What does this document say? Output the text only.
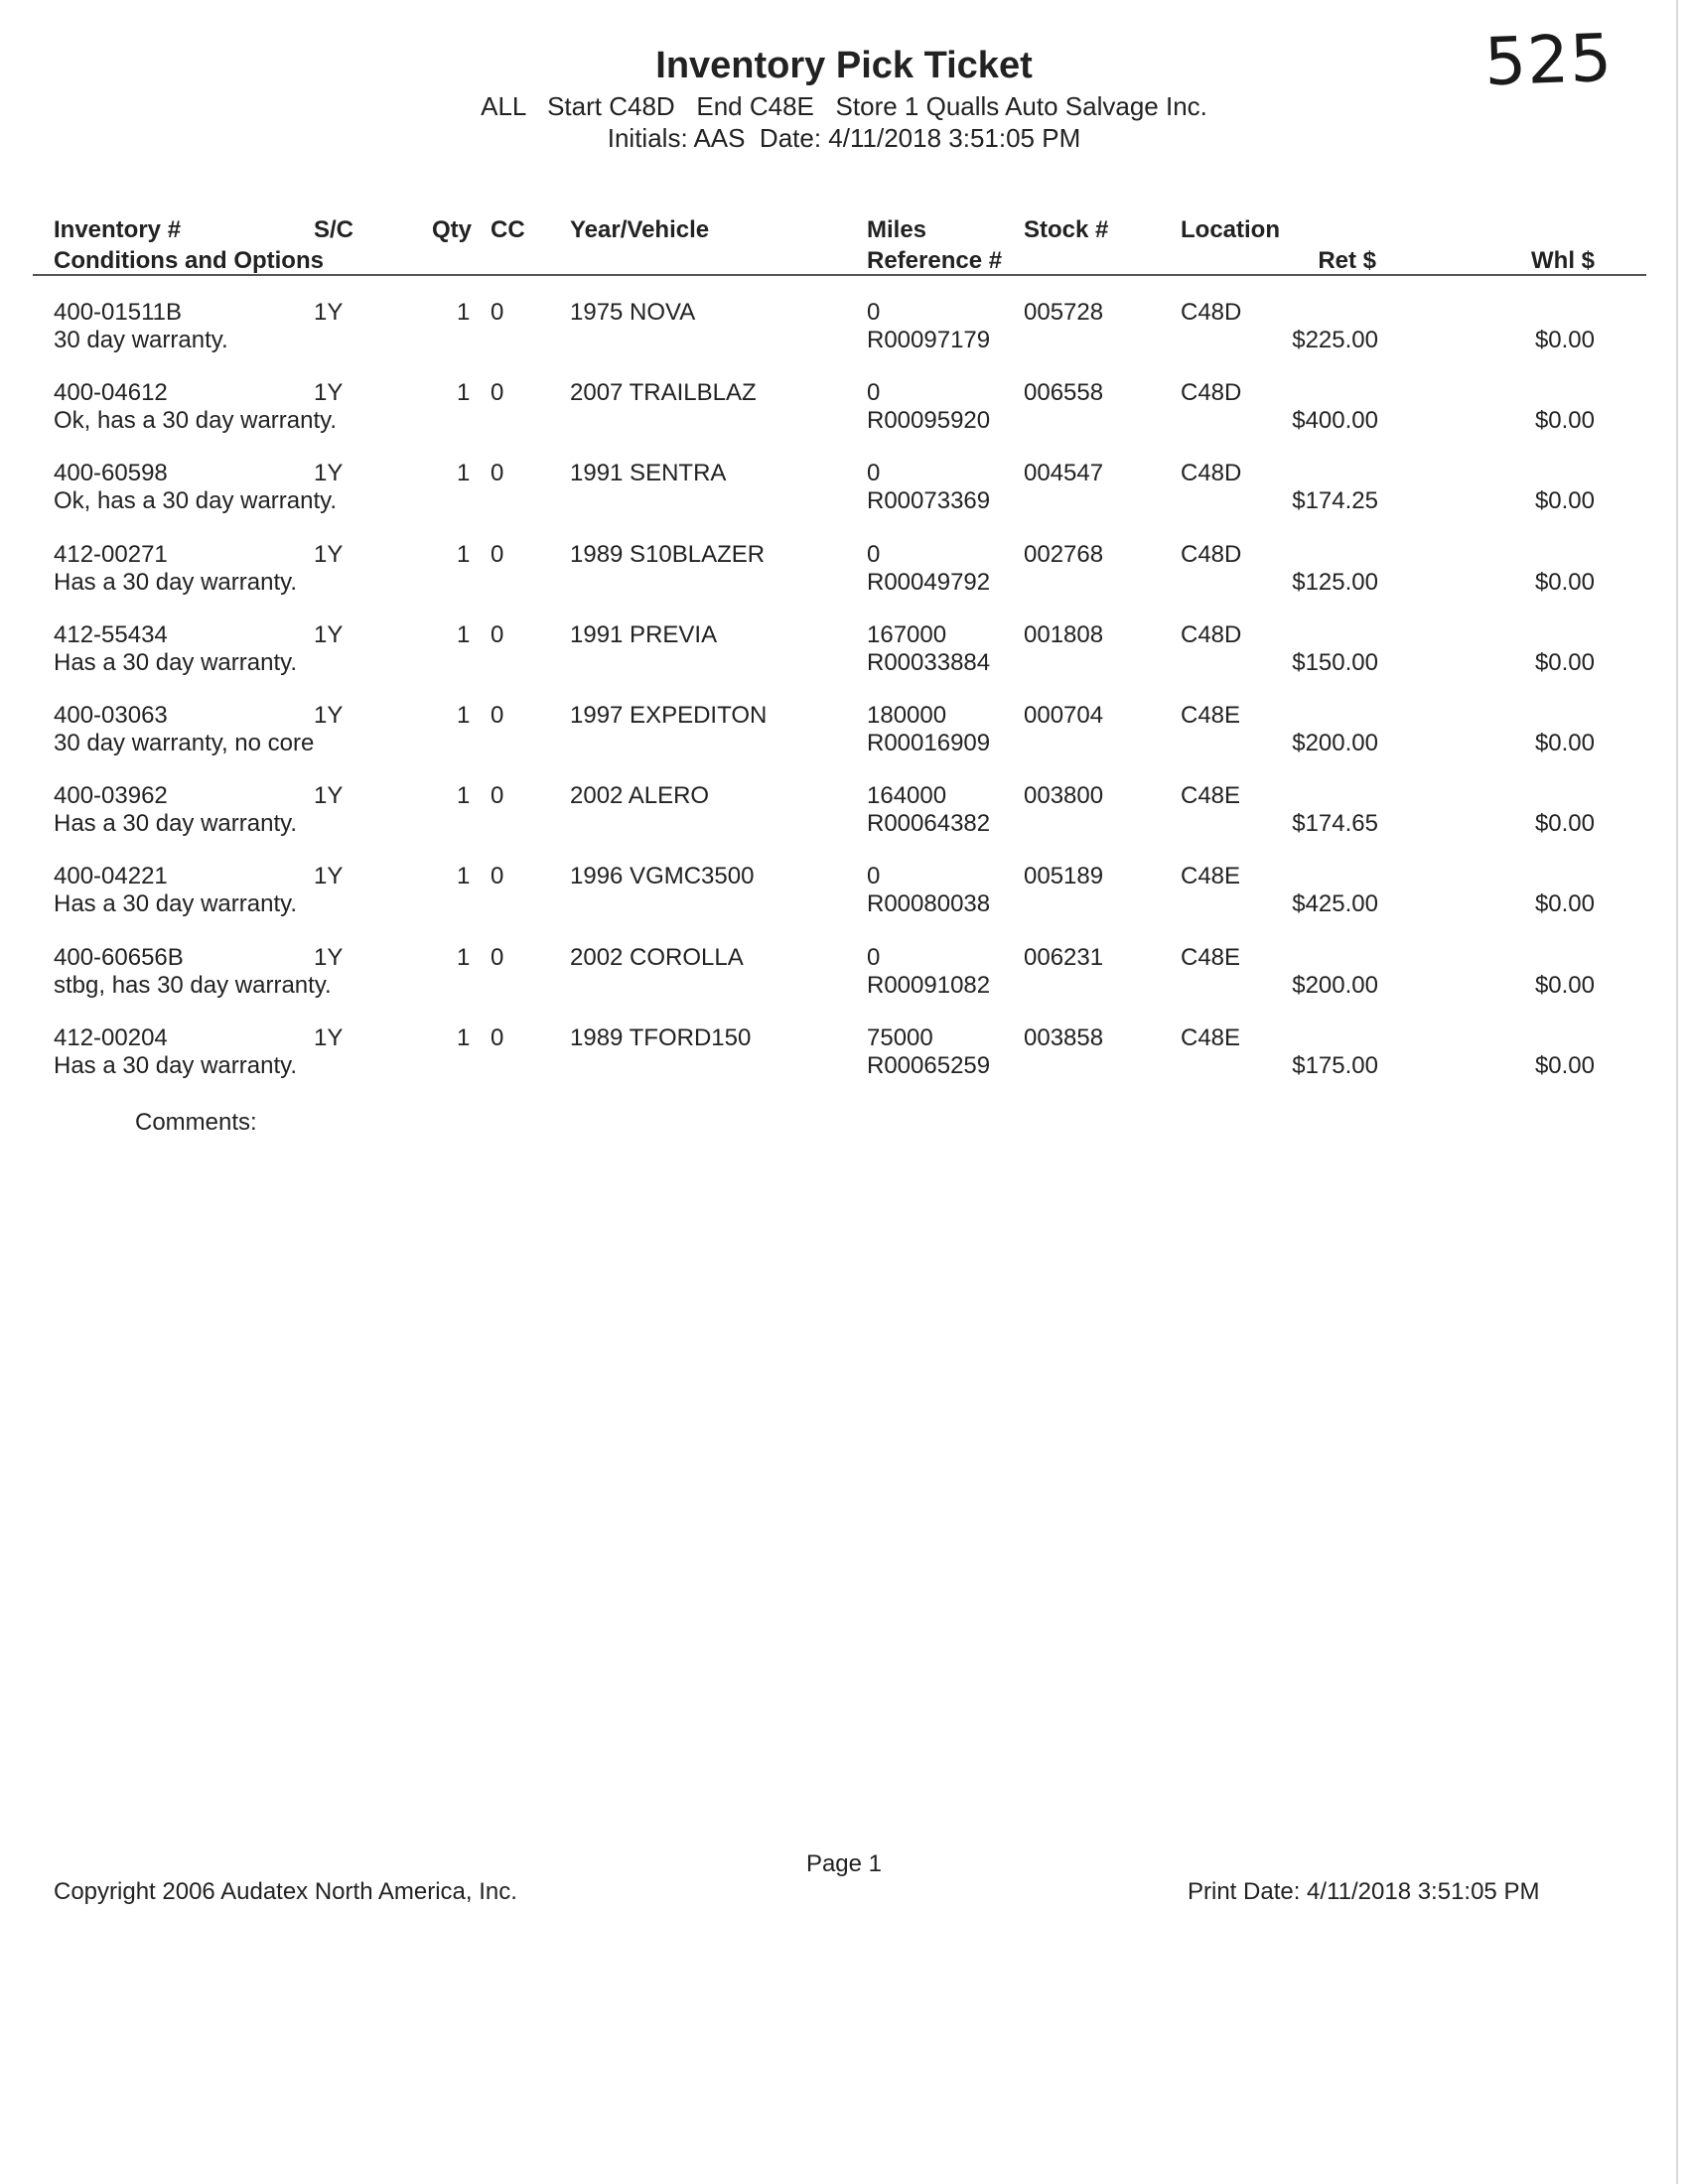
525
Inventory Pick Ticket
ALL   Start C48D   End C48E   Store 1 Qualls Auto Salvage Inc.
Initials: AAS  Date: 4/11/2018 3:51:05 PM
Inventory #	S/C	Qty CC Year/Vehicle	Miles	Stock #	Location
Conditions and Options	Reference #	Ret $	Whl $
400-01511B	1Y	1 0	1975 NOVA	0	005728	C48D
30 day warranty.	R00097179	$225.00	$0.00
400-04612	1Y	1 0	2007 TRAILBLAZ	0	006558	C48D
Ok, has a 30 day warranty.	R00095920	$400.00	$0.00
400-60598	1Y	1 0	1991 SENTRA	0	004547	C48D
Ok, has a 30 day warranty.	R00073369	$174.25	$0.00
412-00271	1Y	1 0	1989 S10BLAZER	0	002768	C48D
Has a 30 day warranty.	R00049792	$125.00	$0.00
412-55434	1Y	1 0	1991 PREVIA	167000	001808	C48D
Has a 30 day warranty.	R00033884	$150.00	$0.00
400-03063	1Y	1 0	1997 EXPEDITON	180000	000704	C48E
30 day warranty, no core	R00016909	$200.00	$0.00
400-03962	1Y	1 0	2002 ALERO	164000	003800	C48E
Has a 30 day warranty.	R00064382	$174.65	$0.00
400-04221	1Y	1 0	1996 VGMC3500	0	005189	C48E
Has a 30 day warranty.	R00080038	$425.00	$0.00
400-60656B	1Y	1 0	2002 COROLLA	0	006231	C48E
stbg, has 30 day warranty.	R00091082	$200.00	$0.00
412-00204	1Y	1 0	1989 TFORD150	75000	003858	C48E
Has a 30 day warranty.	R00065259	$175.00	$0.00
Comments:
Page 1
Copyright 2006 Audatex North America, Inc.	Print Date: 4/11/2018 3:51:05 PM
